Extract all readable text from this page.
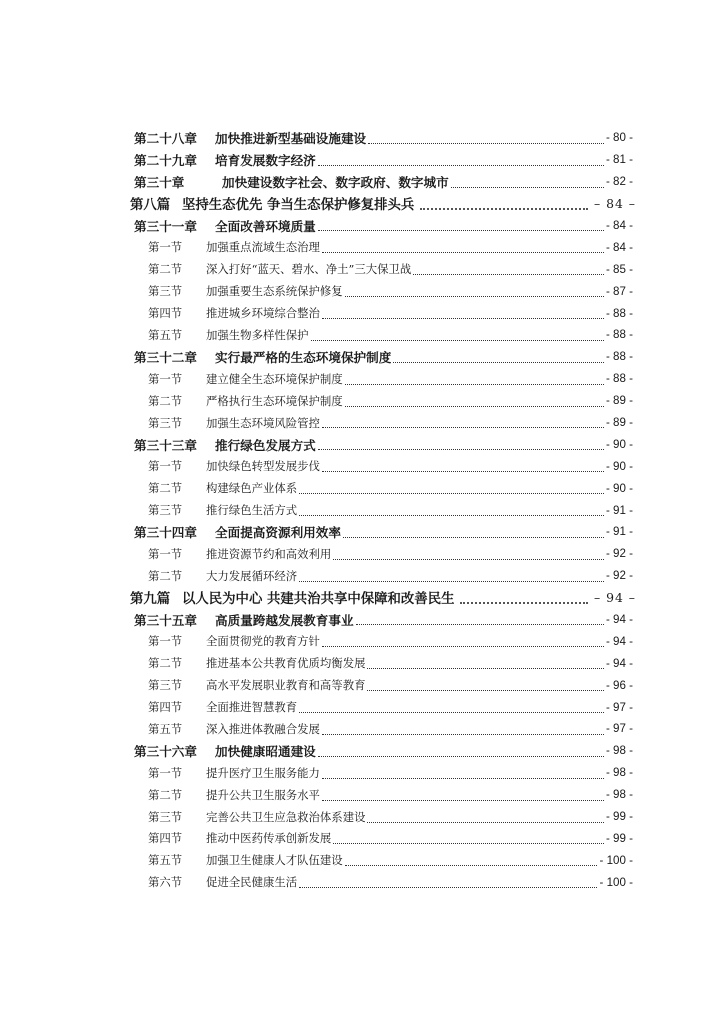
第二十八章	加快推进新型基础设施建设	- 80 -
第二十九章	培育发展数字经济	- 81 -
第三十章	加快建设数字社会、数字政府、数字城市	- 82 -
第八篇 坚持生态优先 争当生态保护修复排头兵	– 84 –
第三十一章	全面改善环境质量	- 84 -
第一节	加强重点流域生态治理	- 84 -
第二节	深入打好“蓝天、碧水、净土”三大保卫战	- 85 -
第三节	加强重要生态系统保护修复	- 87 -
第四节	推进城乡环境综合整治	- 88 -
第五节	加强生物多样性保护	- 88 -
第三十二章	实行最严格的生态环境保护制度	- 88 -
第一节	建立健全生态环境保护制度	- 88 -
第二节	严格执行生态环境保护制度	- 89 -
第三节	加强生态环境风险管控	- 89 -
第三十三章	推行绿色发展方式	- 90 -
第一节	加快绿色转型发展步伐	- 90 -
第二节	构建绿色产业体系	- 90 -
第三节	推行绿色生活方式	- 91 -
第三十四章	全面提高资源利用效率	- 91 -
第一节	推进资源节约和高效利用	- 92 -
第二节	大力发展循环经济	- 92 -
第九篇 以人民为中心 共建共治共享中保障和改善民生	– 94 –
第三十五章	高质量跨越发展教育事业	- 94 -
第一节	全面贯彻党的教育方针	- 94 -
第二节	推进基本公共教育优质均衡发展	- 94 -
第三节	高水平发展职业教育和高等教育	- 96 -
第四节	全面推进智慧教育	- 97 -
第五节	深入推进体教融合发展	- 97 -
第三十六章	加快健康昭通建设	- 98 -
第一节	提升医疗卫生服务能力	- 98 -
第二节	提升公共卫生服务水平	- 98 -
第三节	完善公共卫生应急救治体系建设	- 99 -
第四节	推动中医药传承创新发展	- 99 -
第五节	加强卫生健康人才队伍建设	- 100 -
第六节	促进全民健康生活	- 100 -
